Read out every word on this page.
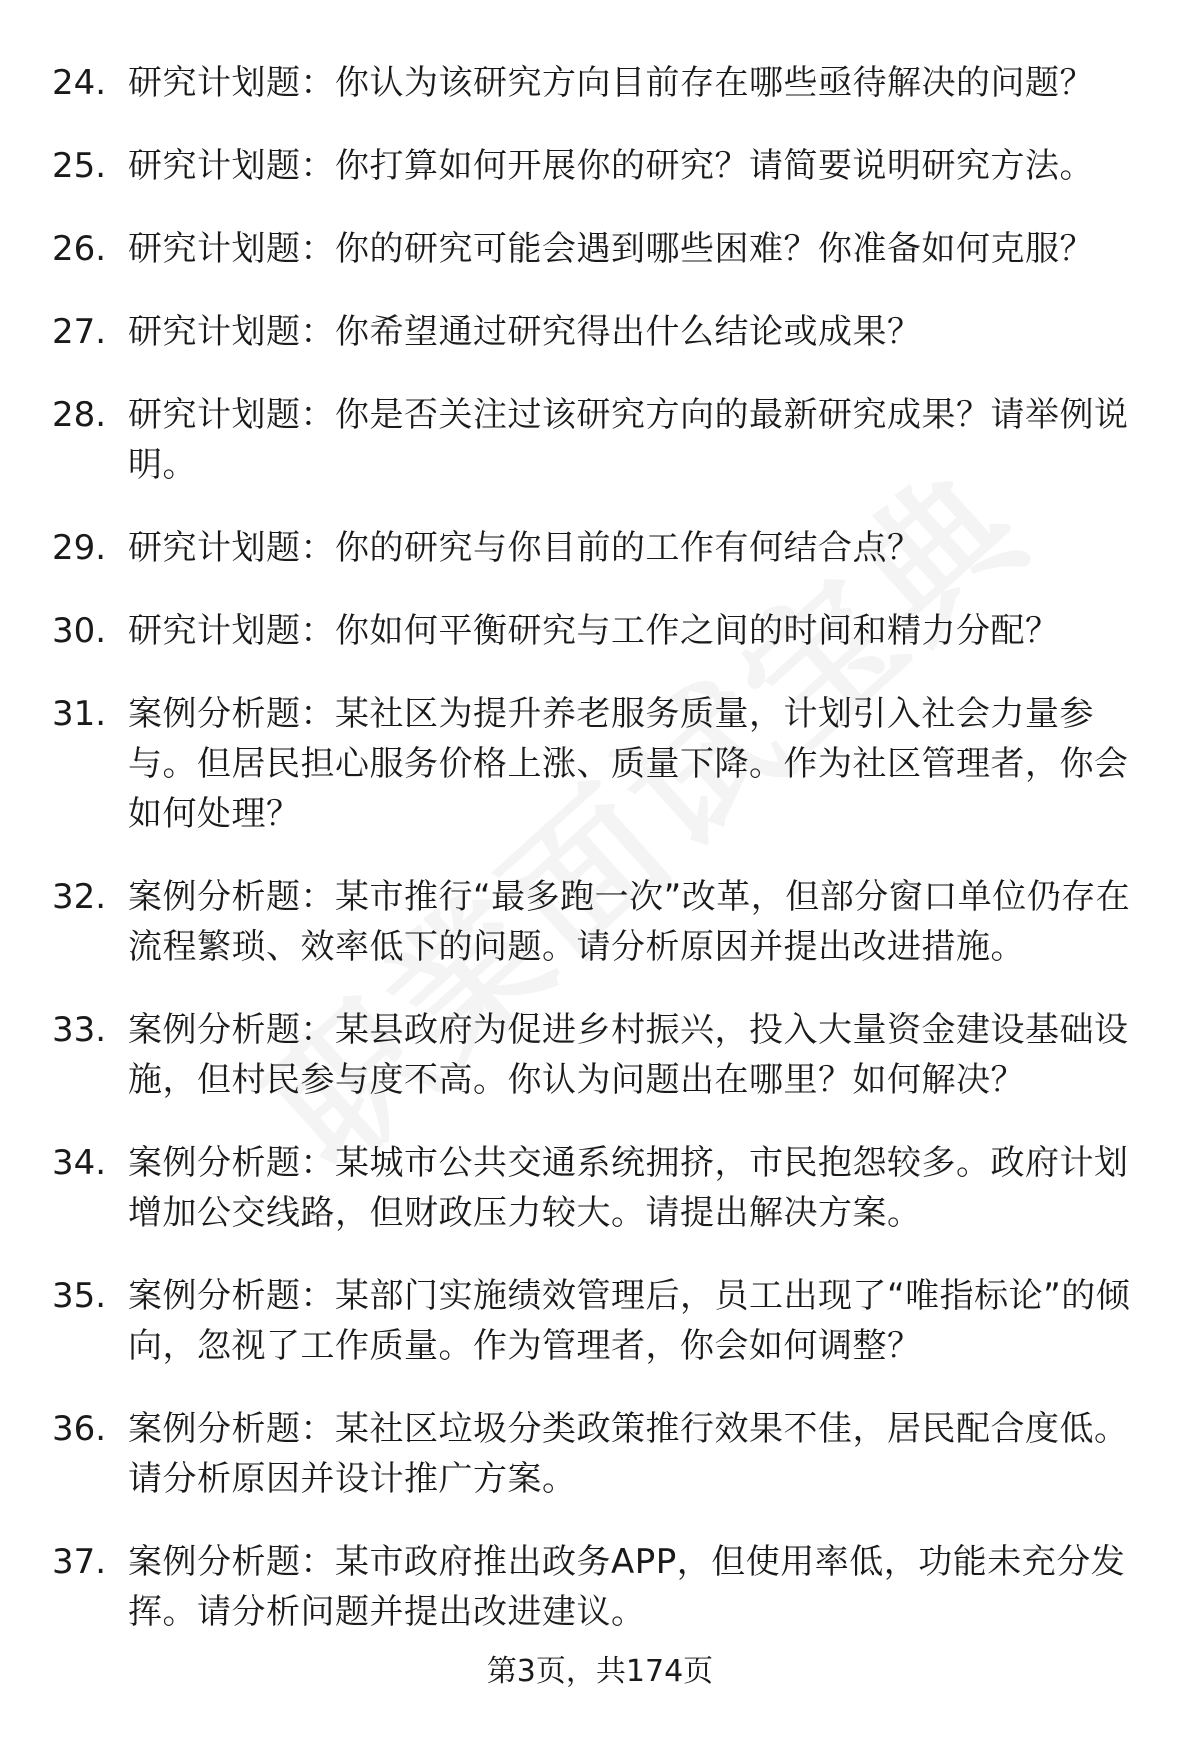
24. 研究计划题：你认为该研究方向目前存在哪些亟待解决的问题？
25. 研究计划题：你打算如何开展你的研究？请简要说明研究方法。
26. 研究计划题：你的研究可能会遇到哪些困难？你准备如何克服？
27. 研究计划题：你希望通过研究得出什么结论或成果？
28. 研究计划题：你是否关注过该研究方向的最新研究成果？请举例说明。
29. 研究计划题：你的研究与你目前的工作有何结合点？
30. 研究计划题：你如何平衡研究与工作之间的时间和精力分配？
31. 案例分析题：某社区为提升养老服务质量，计划引入社会力量参与。但居民担心服务价格上涨、质量下降。作为社区管理者，你会如何处理？
32. 案例分析题：某市推行“最多跑一次”改革，但部分窗口单位仍存在流程繁琐、效率低下的问题。请分析原因并提出改进措施。
33. 案例分析题：某县政府为促进乡村振兴，投入大量资金建设基础设施，但村民参与度不高。你认为问题出在哪里？如何解决？
34. 案例分析题：某城市公共交通系统拥挤，市民抱怨较多。政府计划增加公交线路，但财政压力较大。请提出解决方案。
35. 案例分析题：某部门实施绩效管理后，员工出现了“唯指标论”的倾向，忽视了工作质量。作为管理者，你会如何调整？
36. 案例分析题：某社区垃圾分类政策推行效果不佳，居民配合度低。请分析原因并设计推广方案。
37. 案例分析题：某市政府推出政务APP，但使用率低，功能未充分发挥。请分析问题并提出改进建议。
第3页，共174页
